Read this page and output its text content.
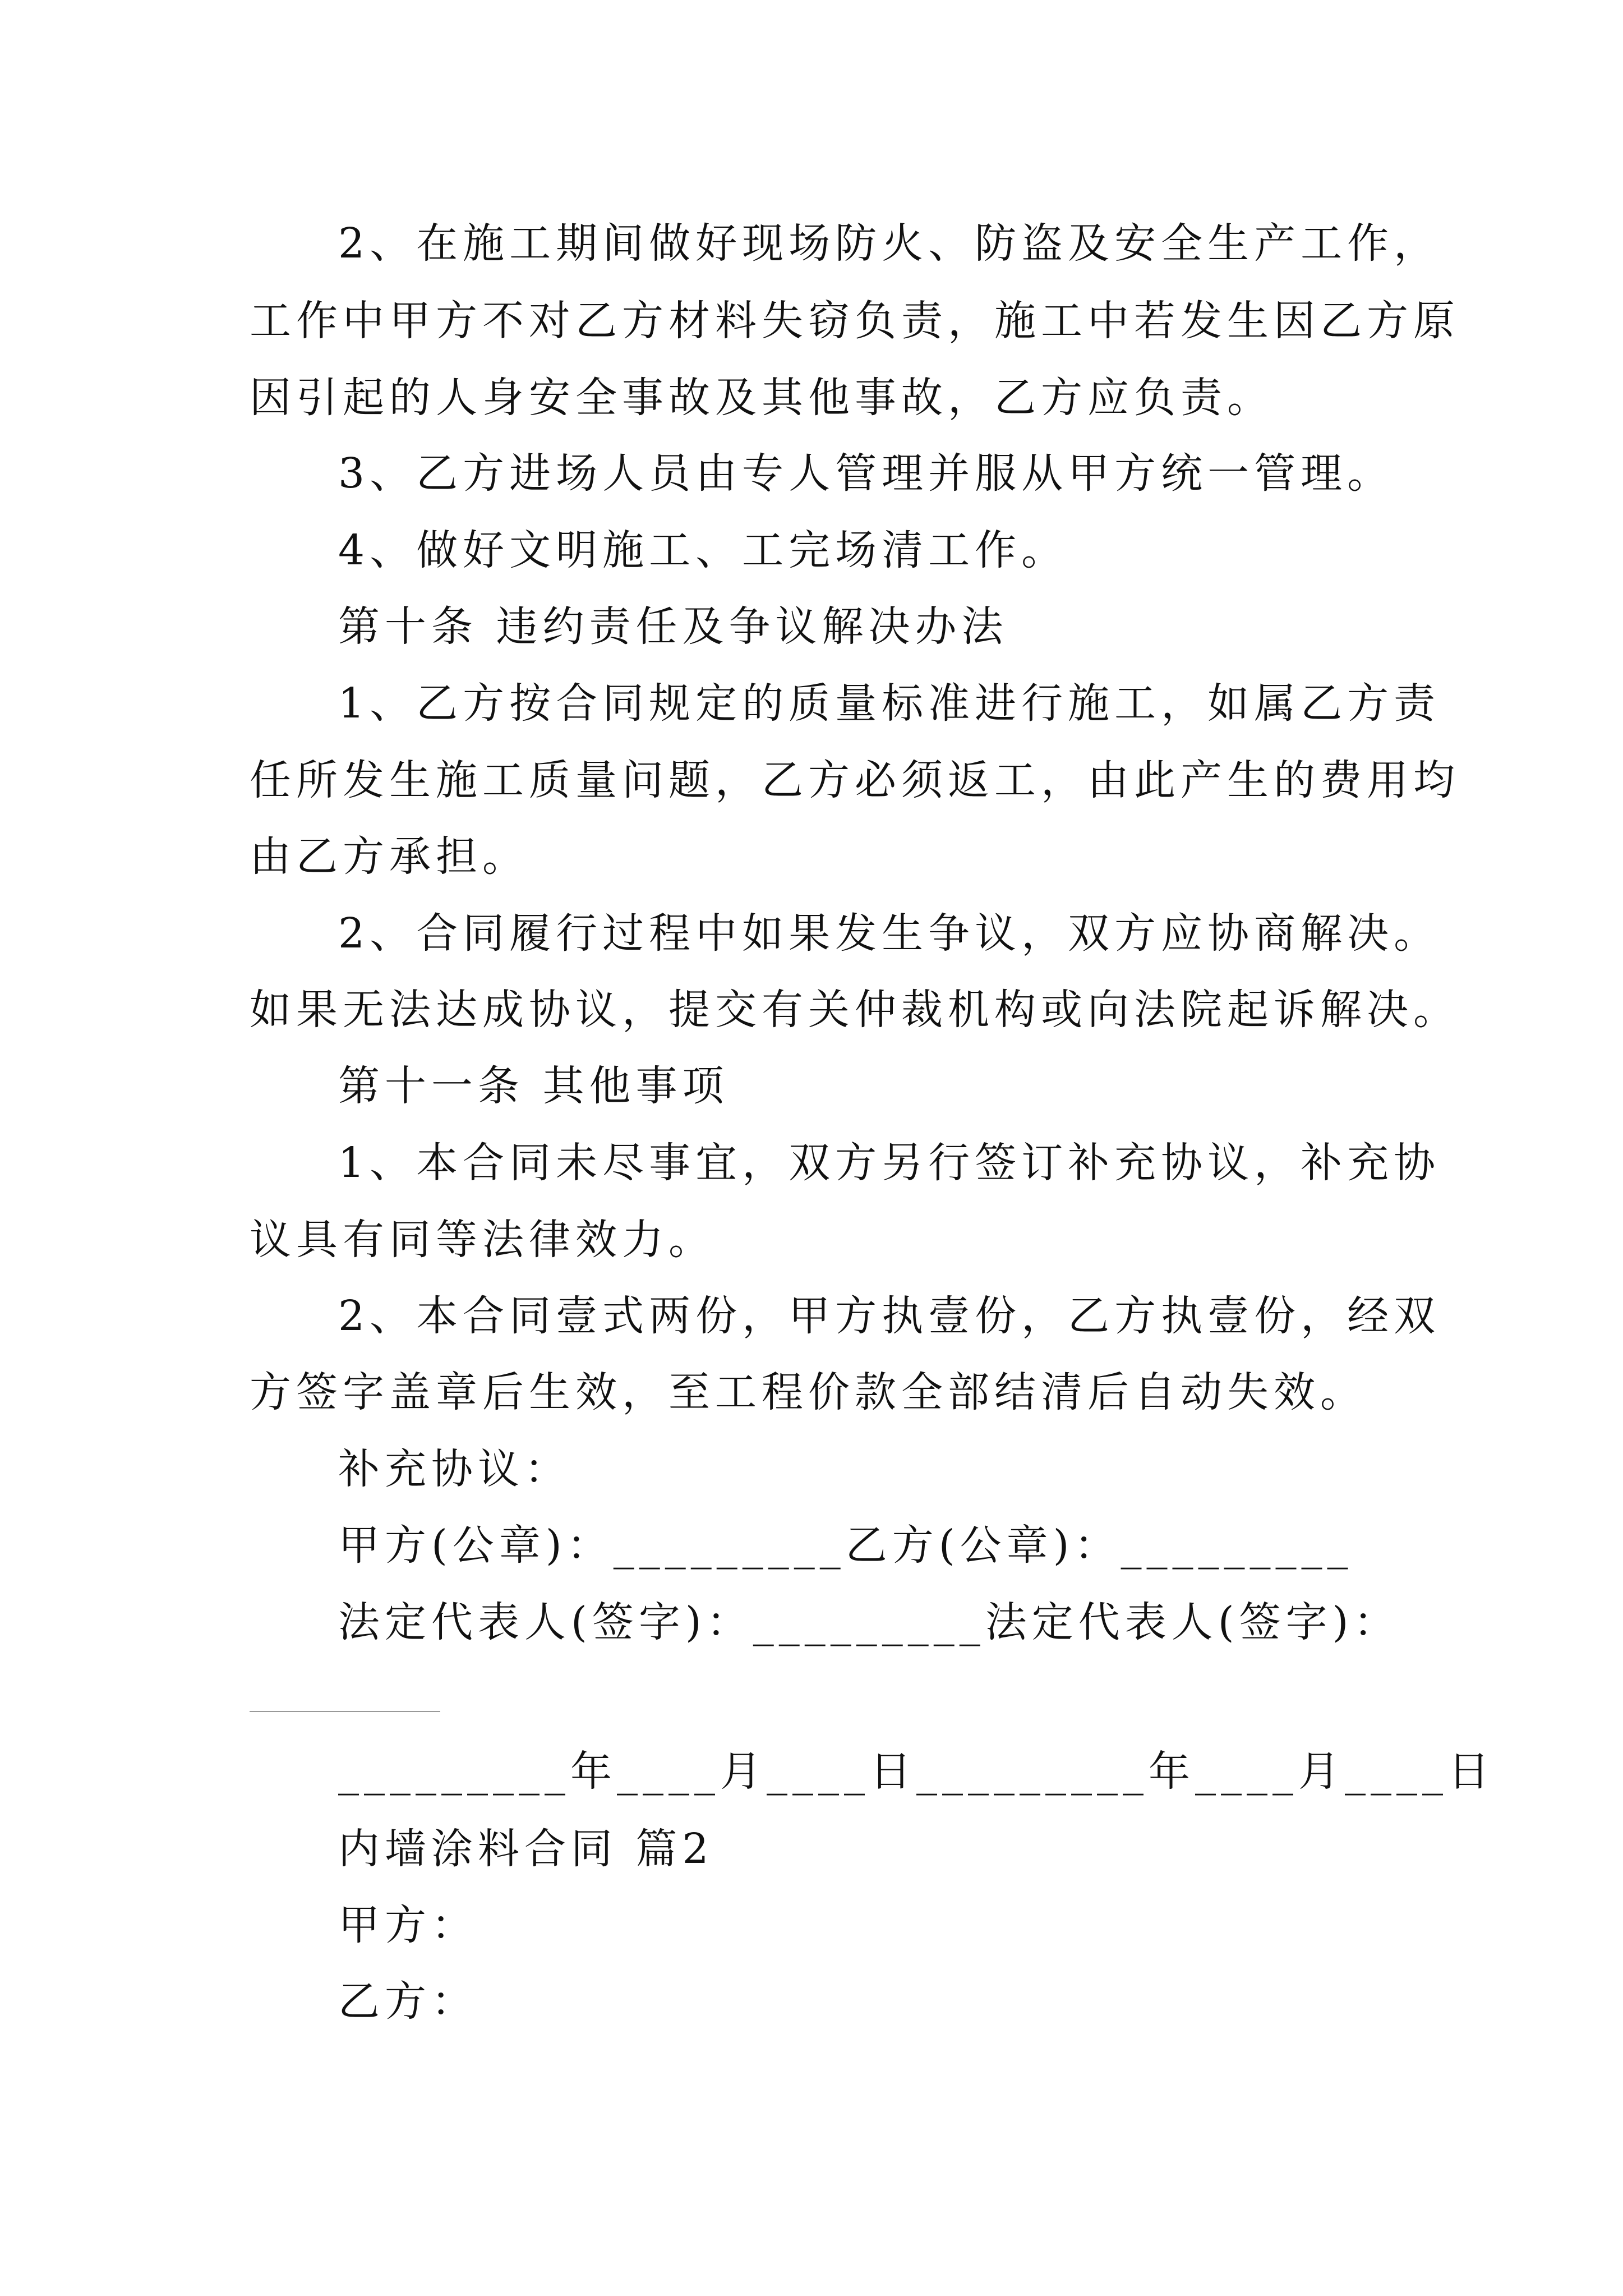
2、在施工期间做好现场防火、防盗及安全生产工作，
工作中甲方不对乙方材料失窃负责，施工中若发生因乙方原
因引起的人身安全事故及其他事故，乙方应负责。
3、乙方进场人员由专人管理并服从甲方统一管理。
4、做好文明施工、工完场清工作。
第十条 违约责任及争议解决办法
1、乙方按合同规定的质量标准进行施工，如属乙方责
任所发生施工质量问题，乙方必须返工，由此产生的费用均
由乙方承担。
2、合同履行过程中如果发生争议，双方应协商解决。
如果无法达成协议，提交有关仲裁机构或向法院起诉解决。
第十一条 其他事项
1、本合同未尽事宜，双方另行签订补充协议，补充协
议具有同等法律效力。
2、本合同壹式两份，甲方执壹份，乙方执壹份，经双
方签字盖章后生效，至工程价款全部结清后自动失效。
补充协议：
甲方(公章)：_________乙方(公章)：_________
法定代表人(签字)：_________法定代表人(签字)：
_________年____月____日_________年____月____日
内墙涂料合同 篇2
甲方：
乙方：
